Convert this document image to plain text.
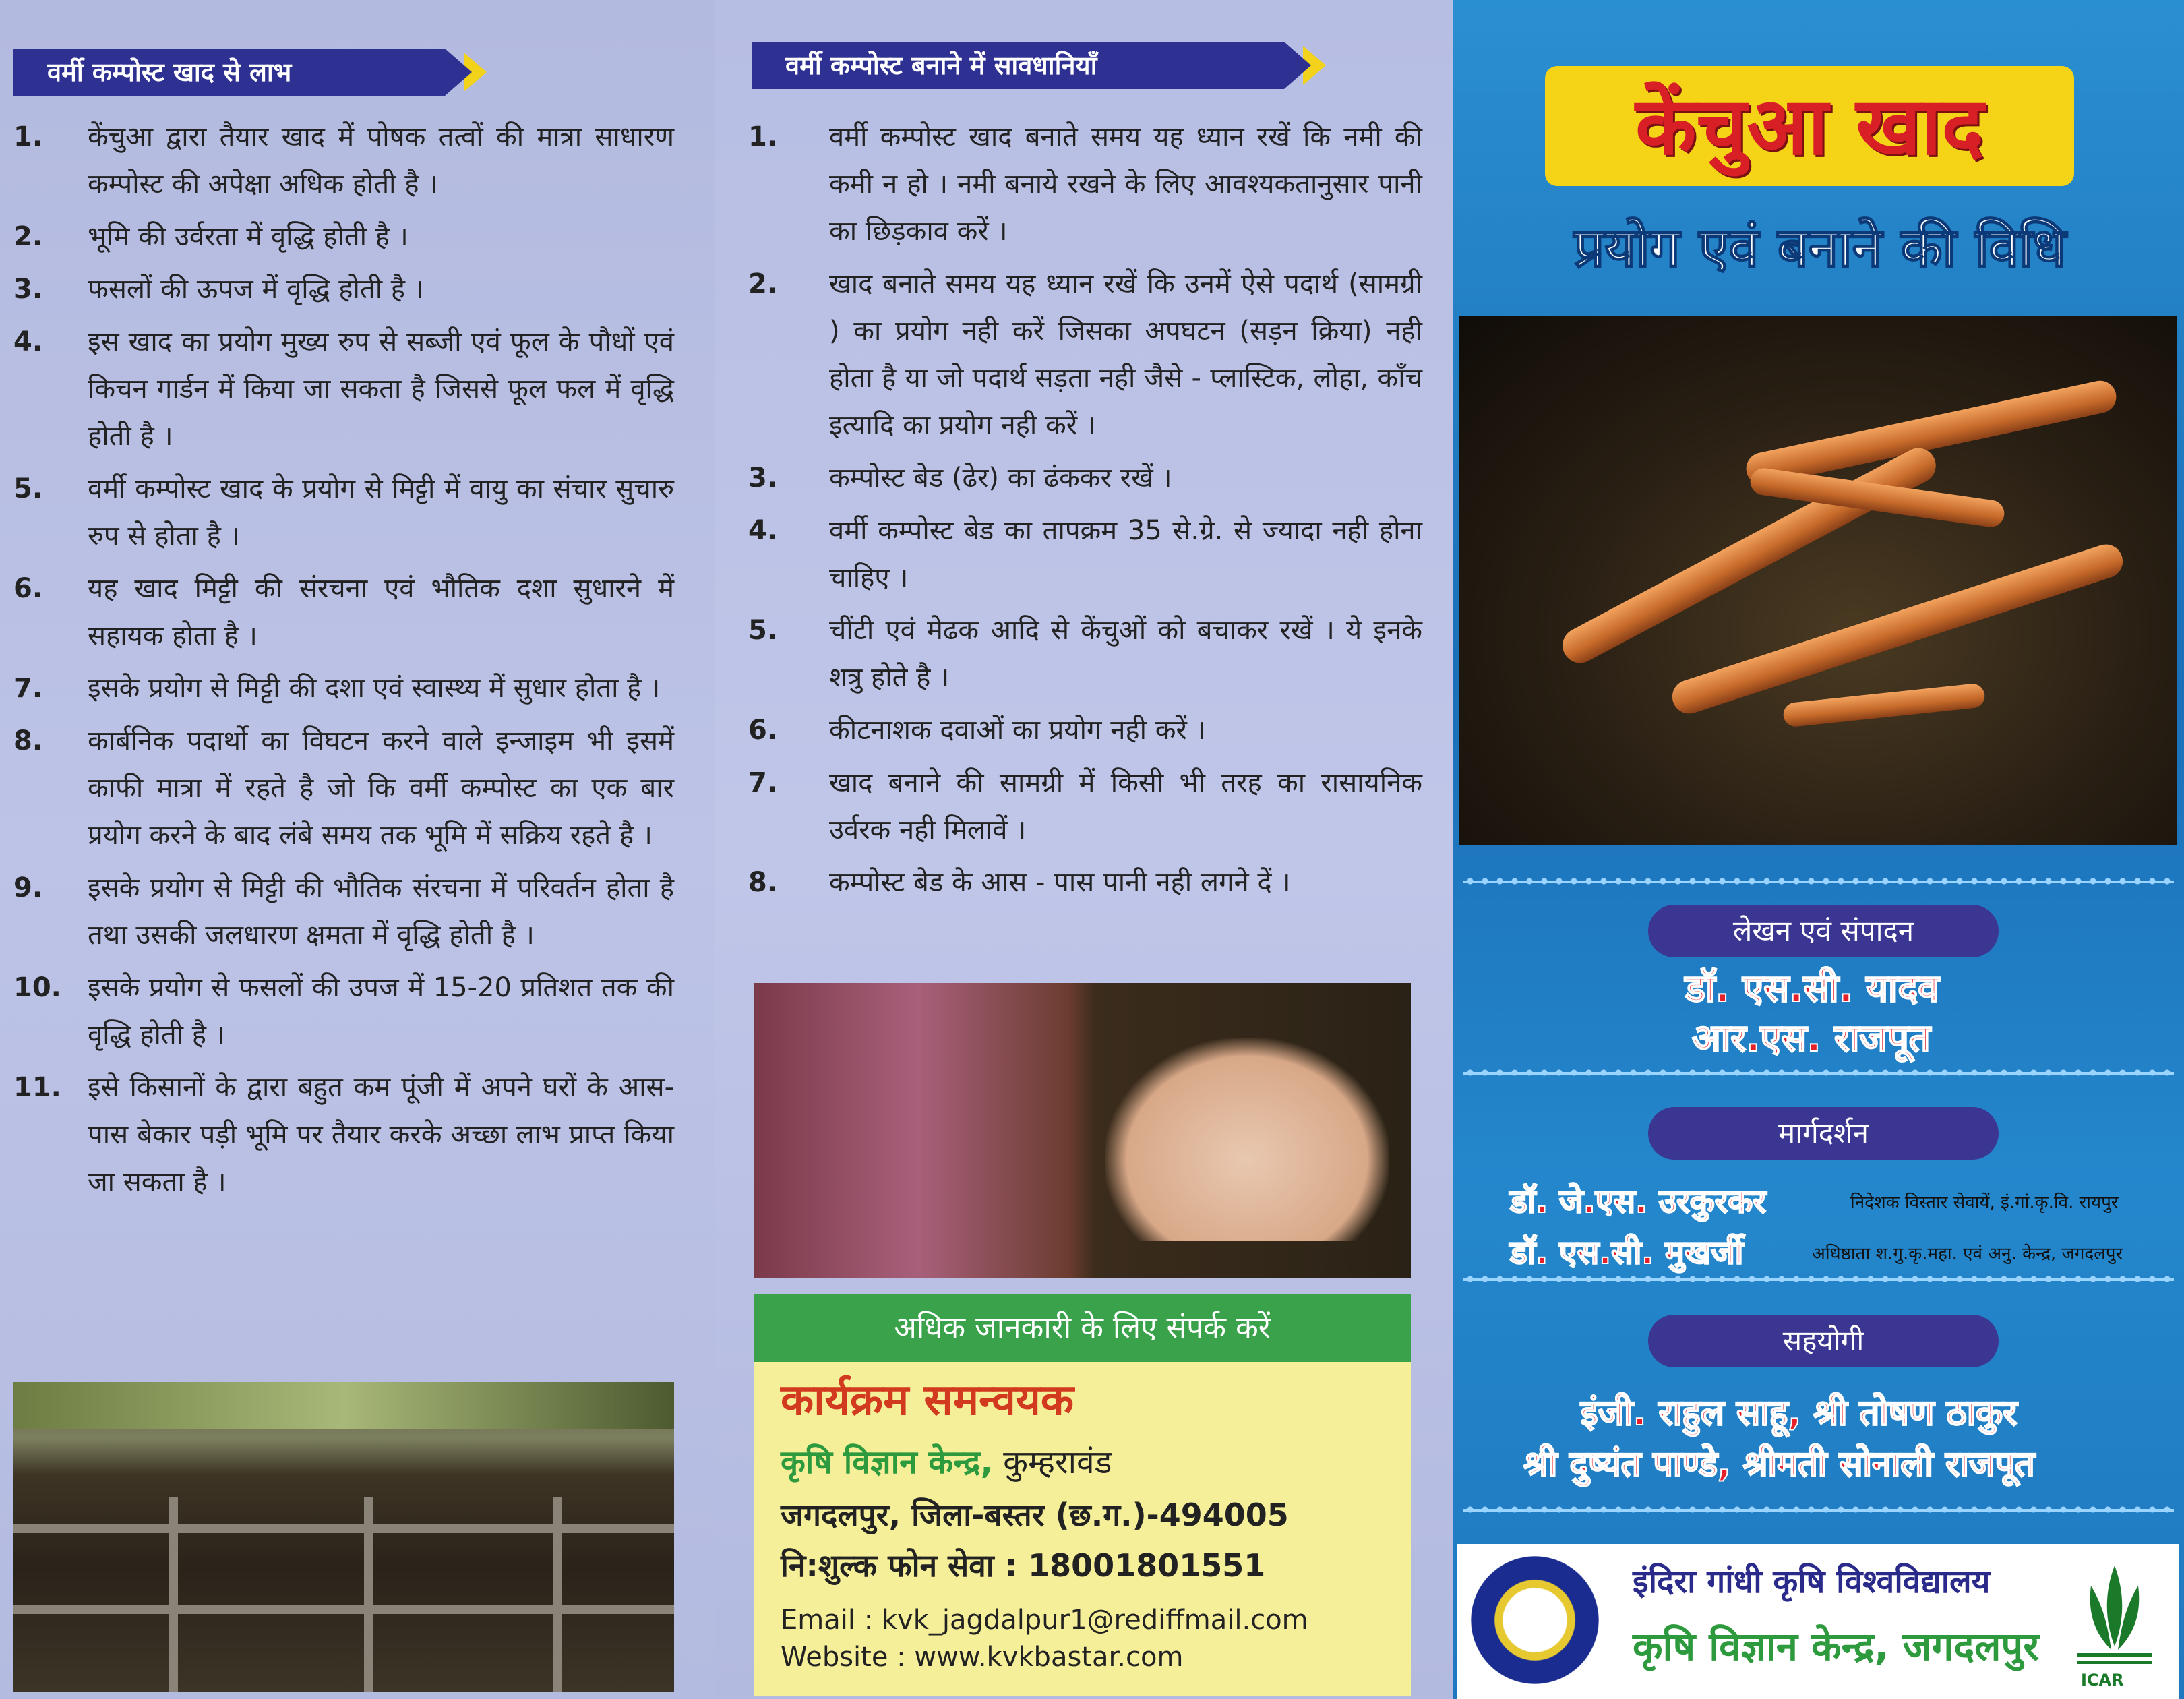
वर्मी कम्पोस्ट खाद से लाभ
1. केंचुआ द्वारा तैयार खाद में पोषक तत्वों की मात्रा साधारण कम्पोस्ट की अपेक्षा अधिक होती है ।
2. भूमि की उर्वरता में वृद्धि होती है ।
3. फसलों की ऊपज में वृद्धि होती है ।
4. इस खाद का प्रयोग मुख्य रुप से सब्जी एवं फूल के पौधों एवं किचन गार्डन में किया जा सकता है जिससे फूल फल में वृद्धि होती है ।
5. वर्मी कम्पोस्ट खाद के प्रयोग से मिट्टी में वायु का संचार सुचारु रुप से होता है ।
6. यह खाद मिट्टी की संरचना एवं भौतिक दशा सुधारने में सहायक होता है ।
7. इसके प्रयोग से मिट्टी की दशा एवं स्वास्थ्य में सुधार होता है ।
8. कार्बनिक पदार्थो का विघटन करने वाले इन्जाइम भी इसमें काफी मात्रा में रहते है जो कि वर्मी कम्पोस्ट का एक बार प्रयोग करने के बाद लंबे समय तक भूमि में सक्रिय रहते है ।
9. इसके प्रयोग से मिट्टी की भौतिक संरचना में परिवर्तन होता है तथा उसकी जलधारण क्षमता में वृद्धि होती है ।
10. इसके प्रयोग से फसलों की उपज में 15-20 प्रतिशत तक की वृद्धि होती है ।
11. इसे किसानों के द्वारा बहुत कम पूंजी में अपने घरों के आस-पास बेकार पड़ी भूमि पर तैयार करके अच्छा लाभ प्राप्त किया जा सकता है ।
वर्मी कम्पोस्ट बनाने में सावधानियाँ
1. वर्मी कम्पोस्ट खाद बनाते समय यह ध्यान रखें कि नमी की कमी न हो । नमी बनाये रखने के लिए आवश्यकतानुसार पानी का छिड़काव करें ।
2. खाद बनाते समय यह ध्यान रखें कि उनमें ऐसे पदार्थ (सामग्री ) का प्रयोग नही करें जिसका अपघटन (सड़न क्रिया) नही होता है या जो पदार्थ सड़ता नही जैसे - प्लास्टिक, लोहा, काँच इत्यादि का प्रयोग नही करें ।
3. कम्पोस्ट बेड (ढेर) का ढंककर रखें ।
4. वर्मी कम्पोस्ट बेड का तापक्रम 35 से.ग्रे. से ज्यादा नही होना चाहिए ।
5. चींटी एवं मेढक आदि से केंचुओं को बचाकर रखें । ये इनके शत्रु होते है ।
6. कीटनाशक दवाओं का प्रयोग नही करें ।
7. खाद बनाने की सामग्री में किसी भी तरह का रासायनिक उर्वरक नही मिलावें ।
8. कम्पोस्ट बेड के आस - पास पानी नही लगने दें ।
अधिक जानकारी के लिए संपर्क करें
कार्यक्रम समन्वयक
कृषि विज्ञान केन्द्र, कुम्हरावंड
जगदलपुर, जिला-बस्तर (छ.ग.)-494005
नि:शुल्क फोन सेवा : 18001801551
Email : kvk_jagdalpur1@rediffmail.com
Website : www.kvkbastar.com
केंचुआ खाद
प्रयोग एवं बनाने की विधि
लेखन एवं संपादन
डॉ. एस.सी. यादव
आर.एस. राजपूत
मार्गदर्शन
डॉ. जे.एस. उरकुरकर	निदेशक विस्तार सेवायें, इं.गां.कृ.वि. रायपुर
डॉ. एस.सी. मुखर्जी	अधिष्ठाता श.गु.कृ.महा. एवं अनु. केन्द्र, जगदलपुर
सहयोगी
इंजी. राहुल साहू, श्री तोषण ठाकुर
श्री दुष्यंत पाण्डे, श्रीमती सोनाली राजपूत
इंदिरा गांधी कृषि विश्वविद्यालय
कृषि विज्ञान केन्द्र, जगदलपुर
ICAR
